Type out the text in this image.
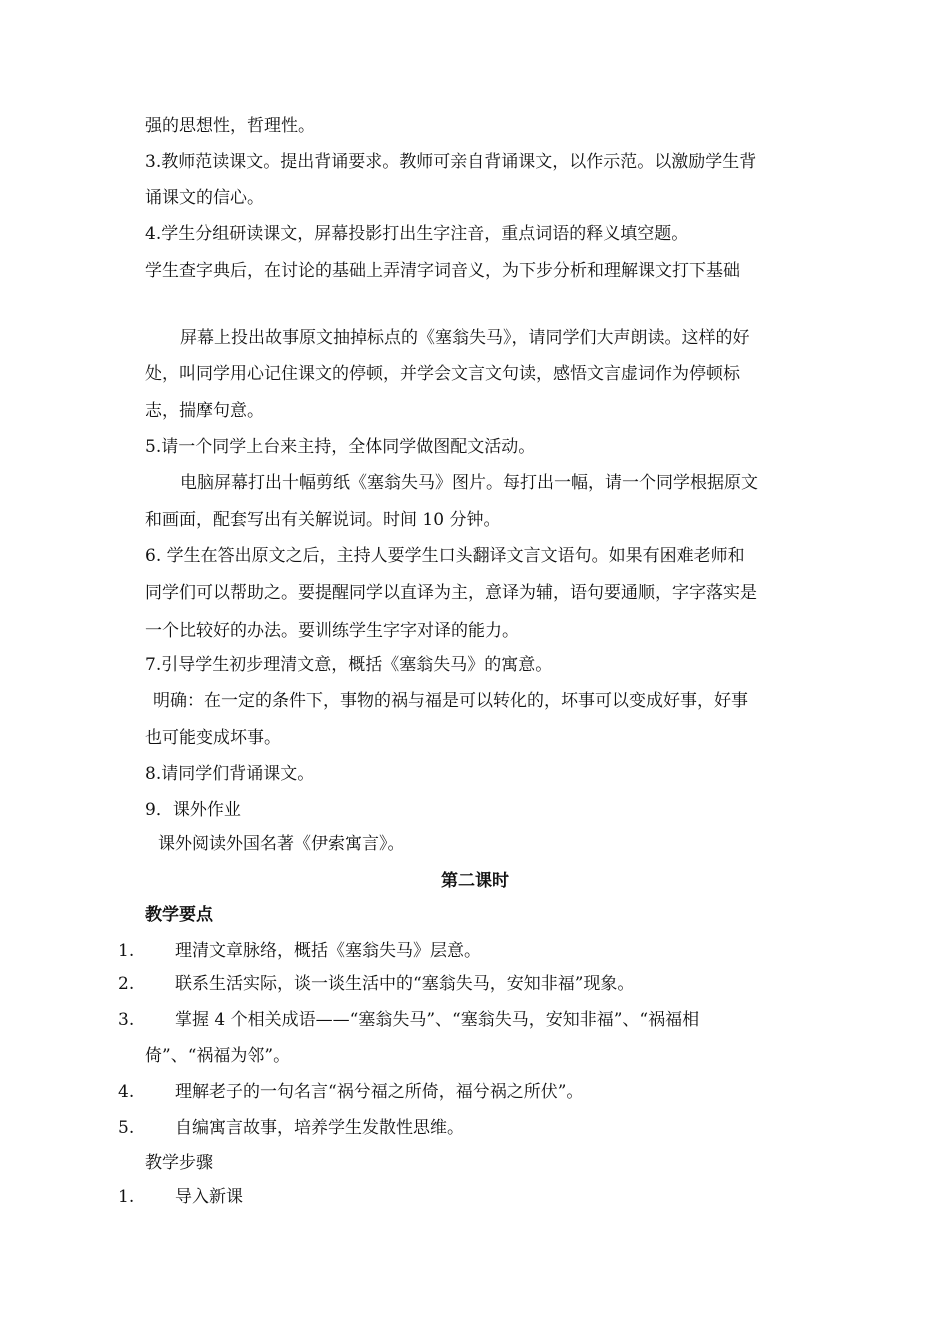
强的思想性，哲理性。
3.教师范读课文。提出背诵要求。教师可亲自背诵课文，以作示范。以激励学生背
诵课文的信心。
4.学生分组研读课文，屏幕投影打出生字注音，重点词语的释义填空题。
学生查字典后，在讨论的基础上弄清字词音义，为下步分析和理解课文打下基础
屏幕上投出故事原文抽掉标点的《塞翁失马》，请同学们大声朗读。这样的好
处，叫同学用心记住课文的停顿，并学会文言文句读，感悟文言虚词作为停顿标
志，揣摩句意。
5.请一个同学上台来主持，全体同学做图配文活动。
电脑屏幕打出十幅剪纸《塞翁失马》图片。每打出一幅，请一个同学根据原文
和画面，配套写出有关解说词。时间 10 分钟。
6. 学生在答出原文之后，主持人要学生口头翻译文言文语句。如果有困难老师和
同学们可以帮助之。要提醒同学以直译为主，意译为辅，语句要通顺，字字落实是
一个比较好的办法。要训练学生字字对译的能力。
7.引导学生初步理清文意，概括《塞翁失马》的寓意。
明确：在一定的条件下，事物的祸与福是可以转化的，坏事可以变成好事，好事
也可能变成坏事。
8.请同学们背诵课文。
9．课外作业
课外阅读外国名著《伊索寓言》。
第二课时
教学要点
1. 理清文章脉络，概括《塞翁失马》层意。
2. 联系生活实际，谈一谈生活中的“塞翁失马，安知非福”现象。
3. 掌握 4 个相关成语——“塞翁失马”、“塞翁失马，安知非福”、“祸福相
倚”、“祸福为邻”。
4. 理解老子的一句名言“祸兮福之所倚，福兮祸之所伏”。
5. 自编寓言故事，培养学生发散性思维。
教学步骤
1. 导入新课
